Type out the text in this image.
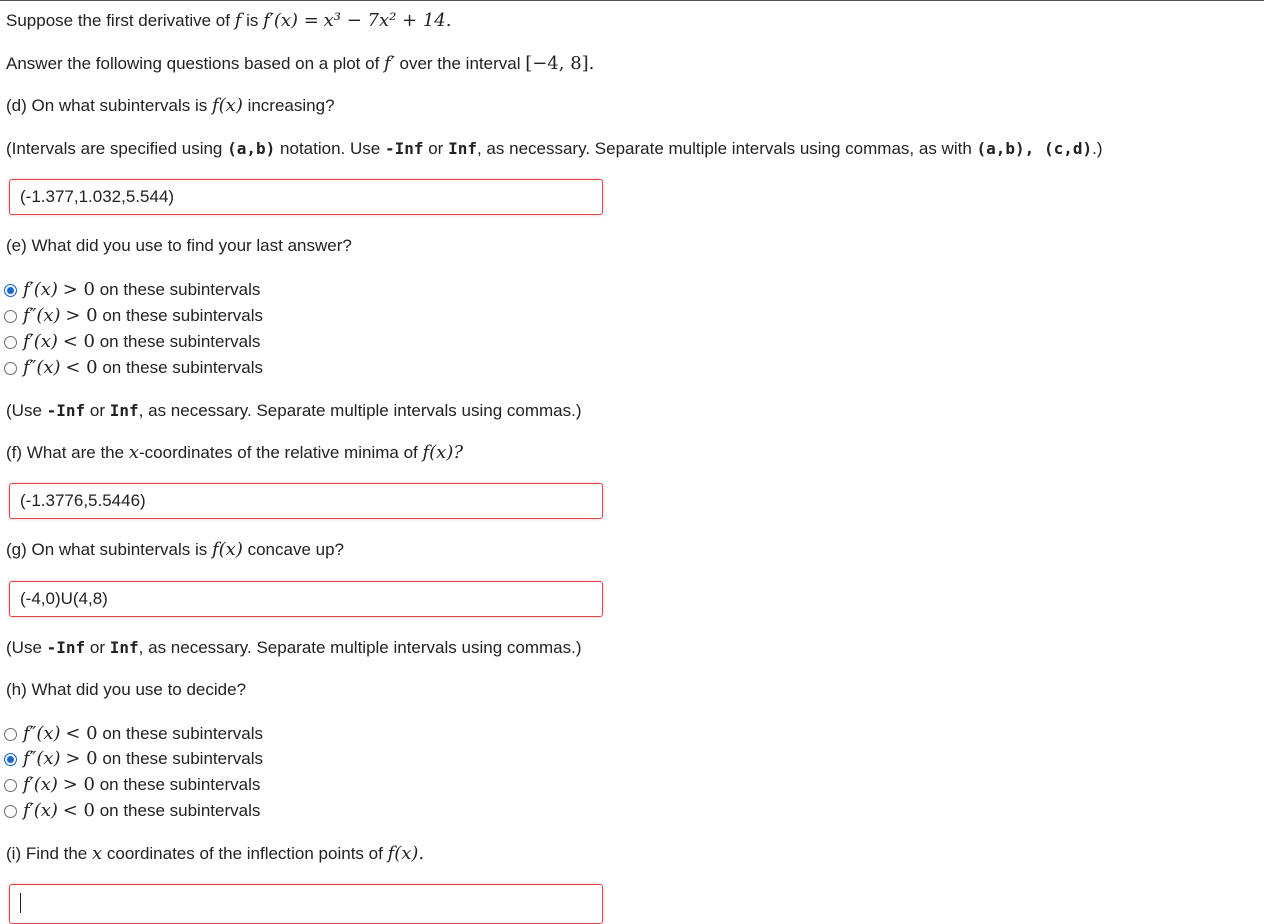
Suppose the first derivative of f is f′(x) = x³ − 7x² + 14.
Answer the following questions based on a plot of f′ over the interval [−4, 8].
(d) On what subintervals is f(x) increasing?
(Intervals are specified using (a,b) notation. Use -Inf or Inf, as necessary. Separate multiple intervals using commas, as with (a,b), (c,d).)
(-1.377,1.032,5.544)
(e) What did you use to find your last answer?
f′(x)
> 0
on these subintervals
f″(x)
> 0
on these subintervals
f′(x)
< 0
on these subintervals
f″(x)
< 0
on these subintervals
(Use -Inf or Inf, as necessary. Separate multiple intervals using commas.)
(f) What are the x-coordinates of the relative minima of f(x)?
(-1.3776,5.5446)
(g) On what subintervals is f(x) concave up?
(-4,0)U(4,8)
(Use -Inf or Inf, as necessary. Separate multiple intervals using commas.)
(h) What did you use to decide?
f″(x)
< 0
on these subintervals
f″(x)
> 0
on these subintervals
f′(x)
> 0
on these subintervals
f′(x)
< 0
on these subintervals
(i) Find the x coordinates of the inflection points of f(x).
